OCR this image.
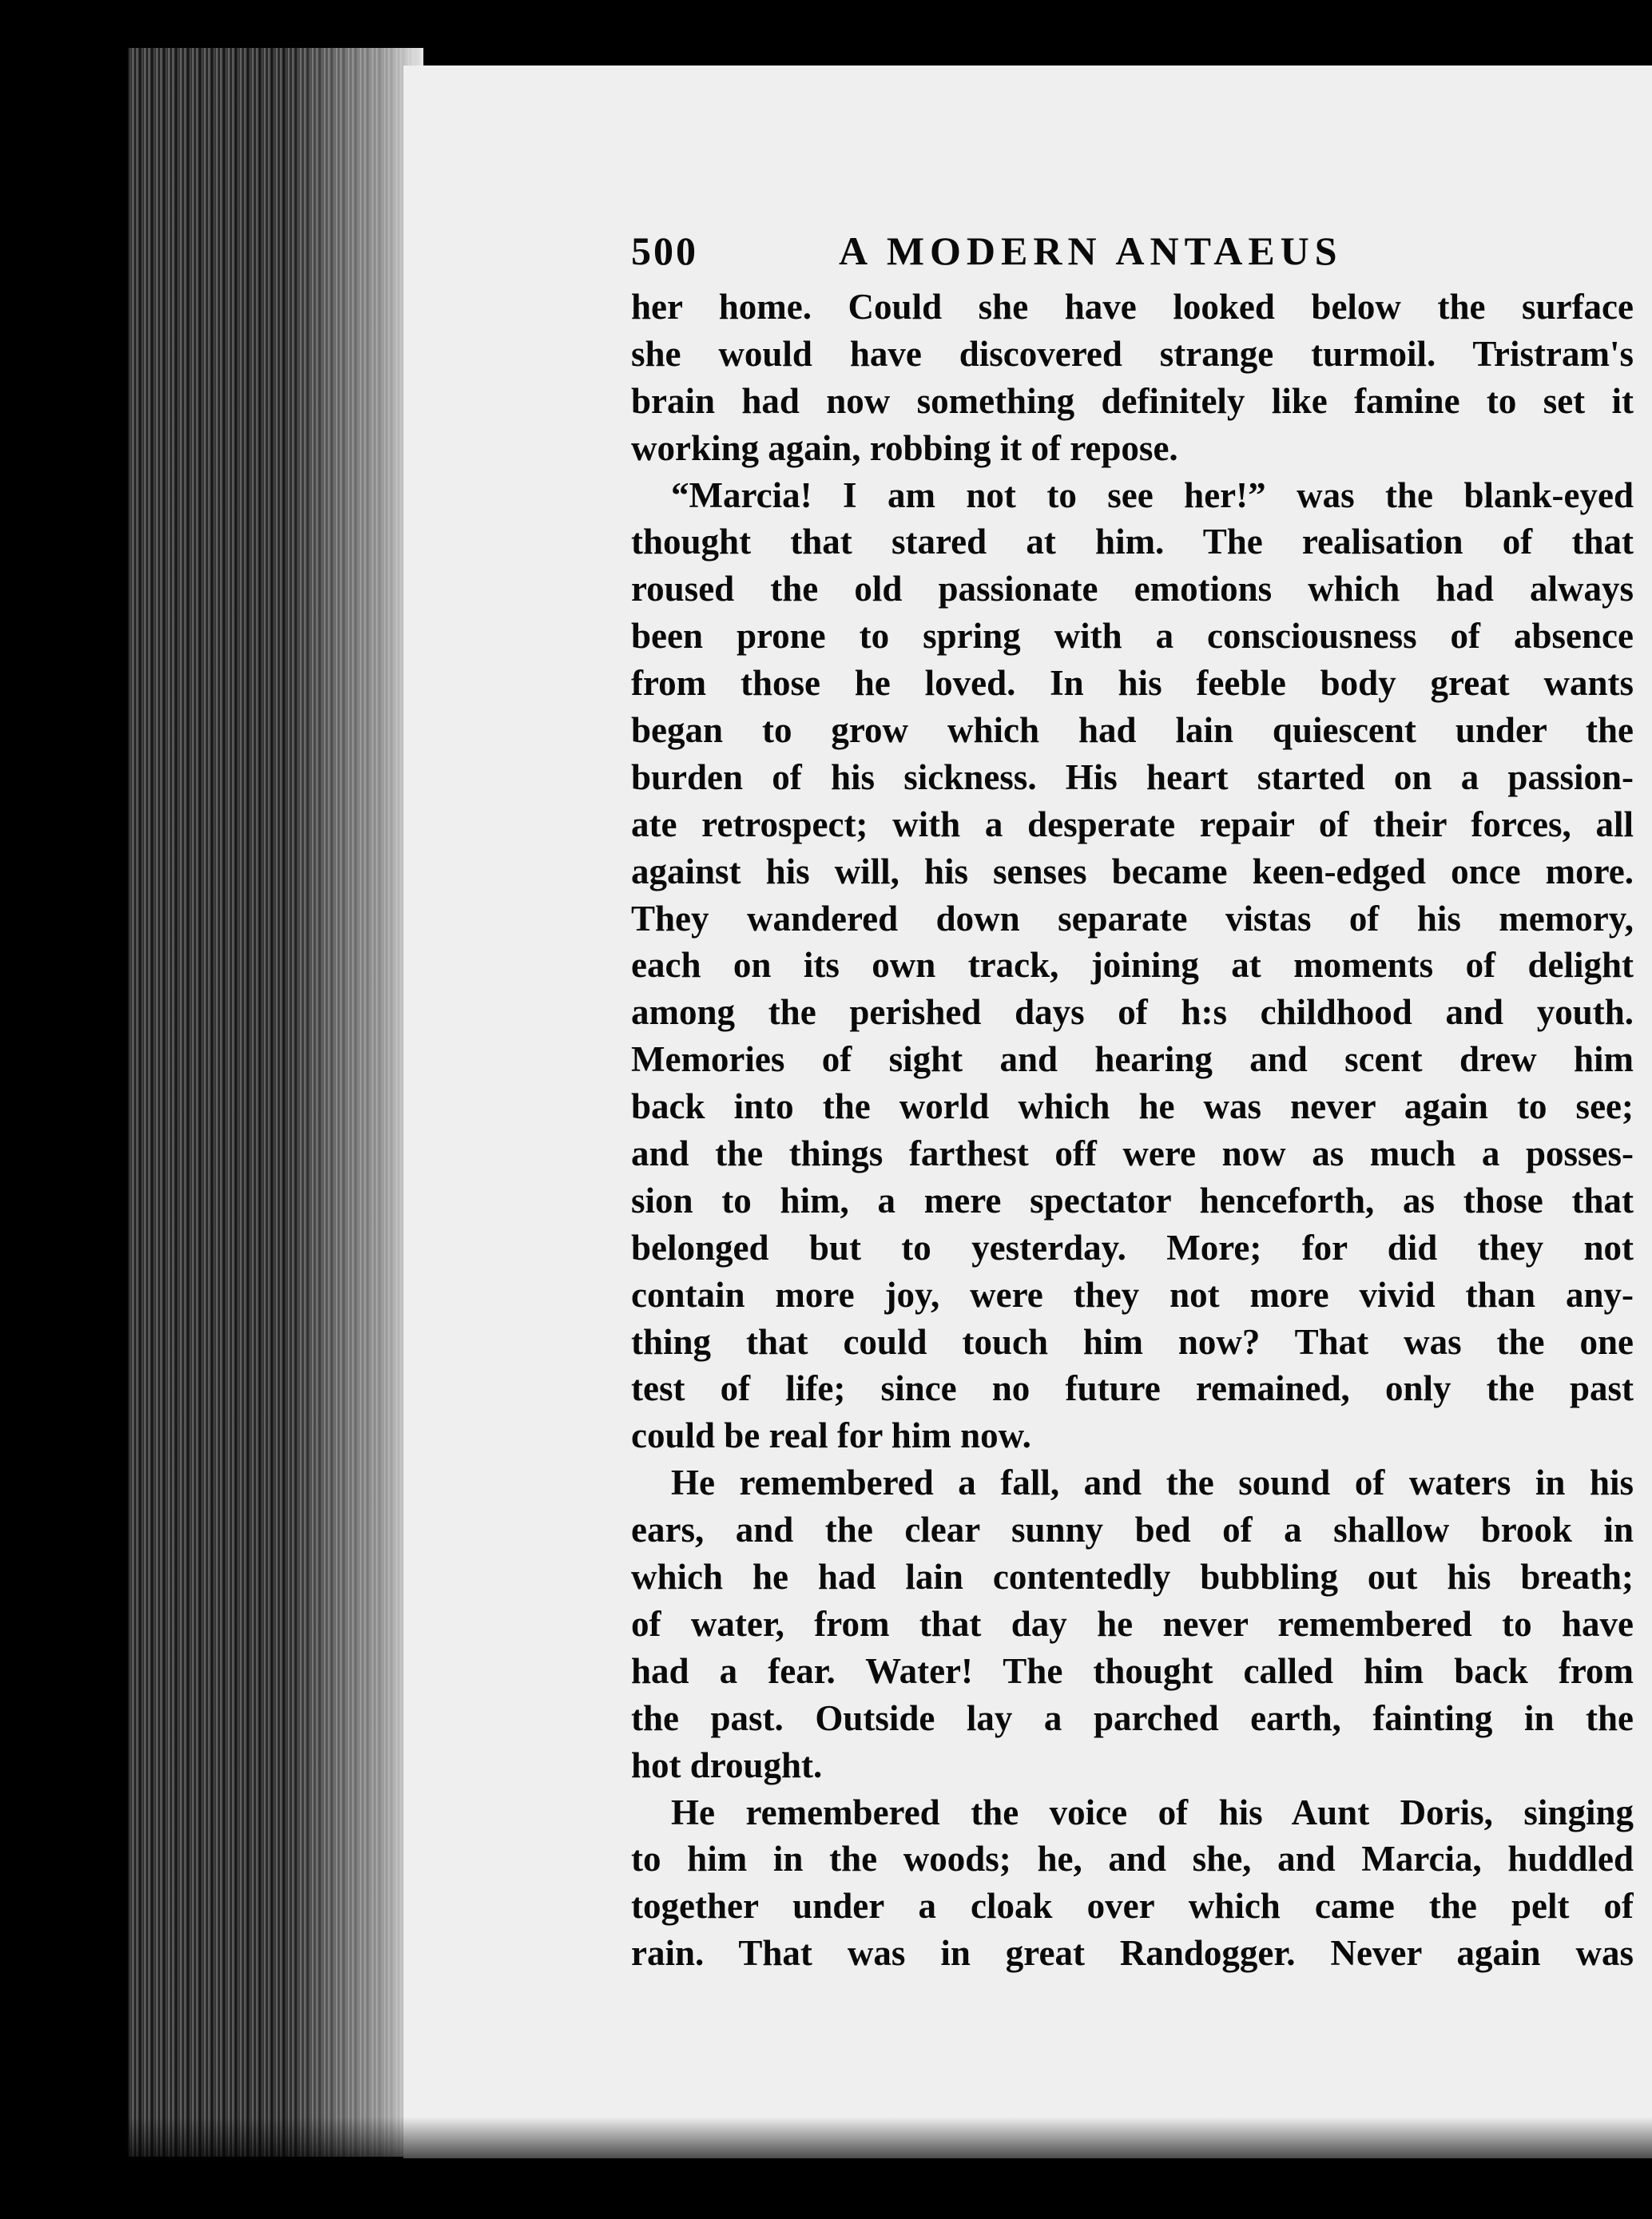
500	A MODERN ANTAEUS
her home. Could she have looked below the surface
she would have discovered strange turmoil. Tristram's
brain had now something definitely like famine to set it
working again, robbing it of repose.
“Marcia! I am not to see her!” was the blank-eyed
thought that stared at him. The realisation of that
roused the old passionate emotions which had always
been prone to spring with a consciousness of absence
from those he loved. In his feeble body great wants
began to grow which had lain quiescent under the
burden of his sickness. His heart started on a passion-
ate retrospect; with a desperate repair of their forces, all
against his will, his senses became keen-edged once more.
They wandered down separate vistas of his memory,
each on its own track, joining at moments of delight
among the perished days of h:s childhood and youth.
Memories of sight and hearing and scent drew him
back into the world which he was never again to see;
and the things farthest off were now as much a posses-
sion to him, a mere spectator henceforth, as those that
belonged but to yesterday. More; for did they not
contain more joy, were they not more vivid than any-
thing that could touch him now? That was the one
test of life; since no future remained, only the past
could be real for him now.
He remembered a fall, and the sound of waters in his
ears, and the clear sunny bed of a shallow brook in
which he had lain contentedly bubbling out his breath;
of water, from that day he never remembered to have
had a fear. Water! The thought called him back from
the past. Outside lay a parched earth, fainting in the
hot drought.
He remembered the voice of his Aunt Doris, singing
to him in the woods; he, and she, and Marcia, huddled
together under a cloak over which came the pelt of
rain. That was in great Randogger. Never again was
